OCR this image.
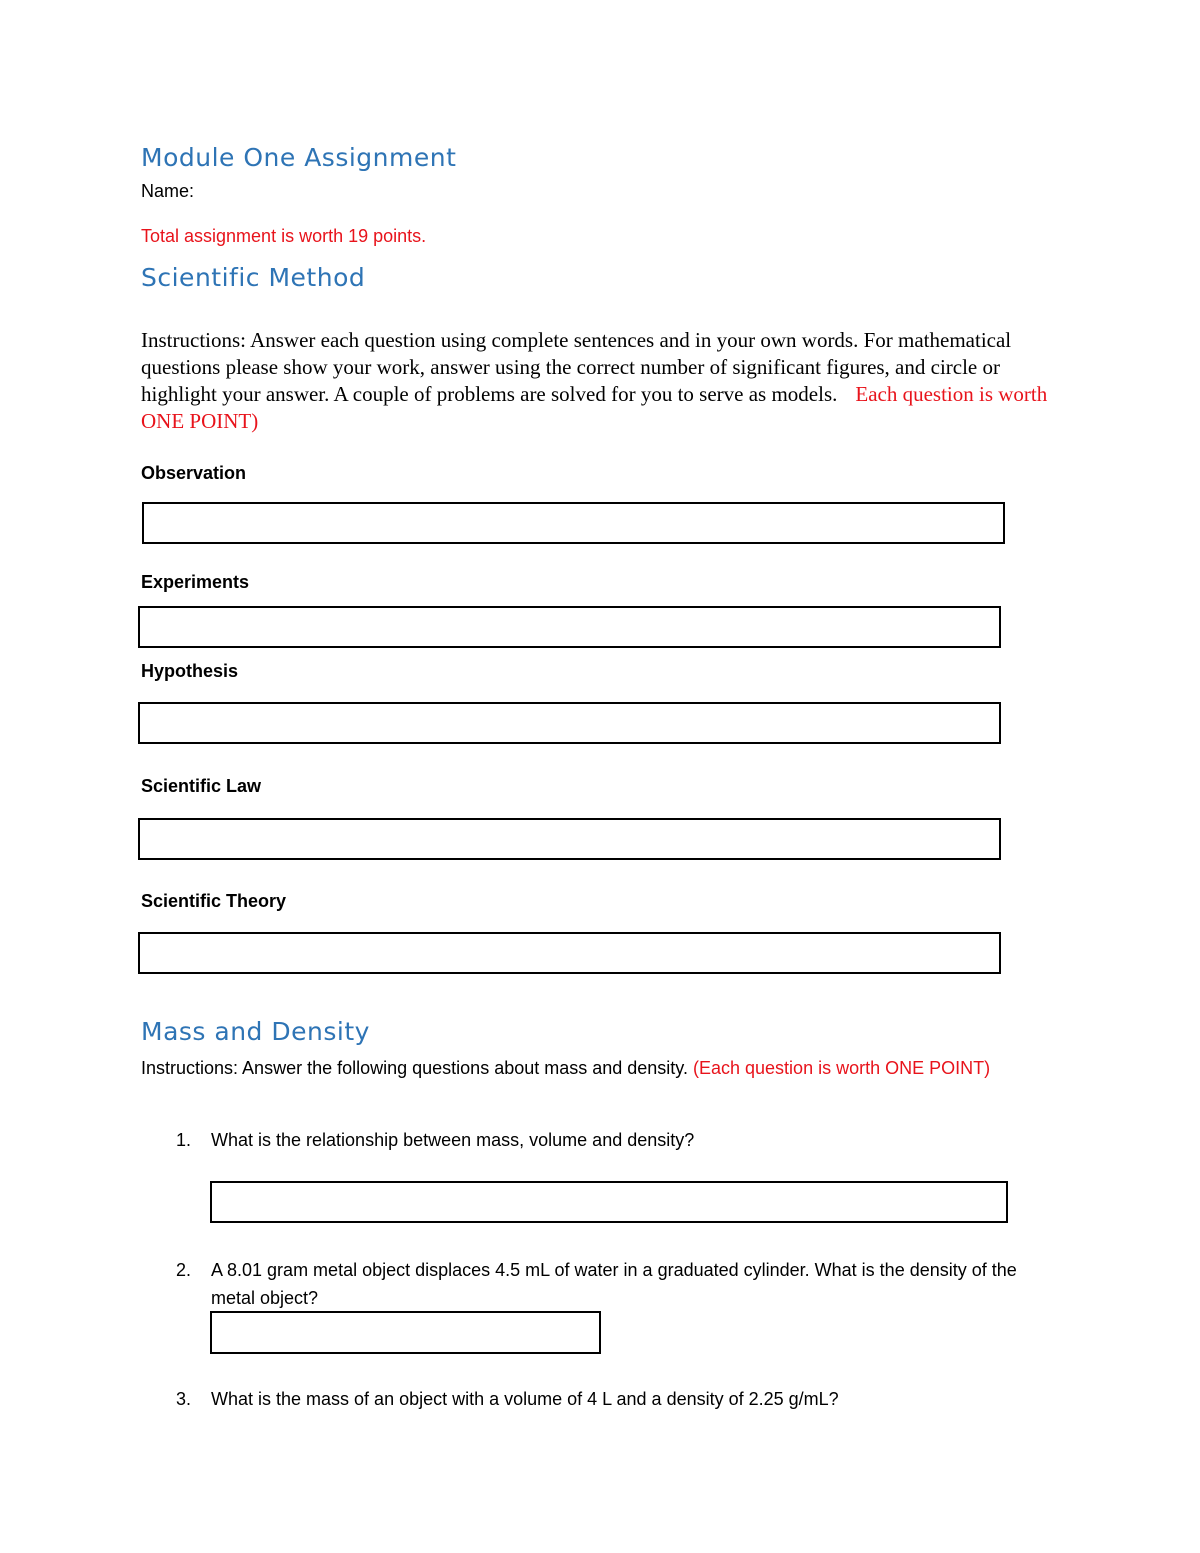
Module One Assignment
Name:
Total assignment is worth 19 points.
Scientific Method

Instructions: Answer each question using complete sentences and in your own words. For mathematical questions please show your work, answer using the correct number of significant figures, and circle or highlight your answer. A couple of problems are solved for you to serve as models. Each question is worth ONE POINT)

Observation
Experiments
Hypothesis
Scientific Law
Scientific Theory
Mass and Density

Instructions: Answer the following questions about mass and density. (Each question is worth ONE POINT)

1. What is the relationship between mass, volume and density?
2. A 8.01 gram metal object displaces 4.5 mL of water in a graduated cylinder. What is the density of the metal object?
3. What is the mass of an object with a volume of 4 L and a density of 2.25 g/mL?
